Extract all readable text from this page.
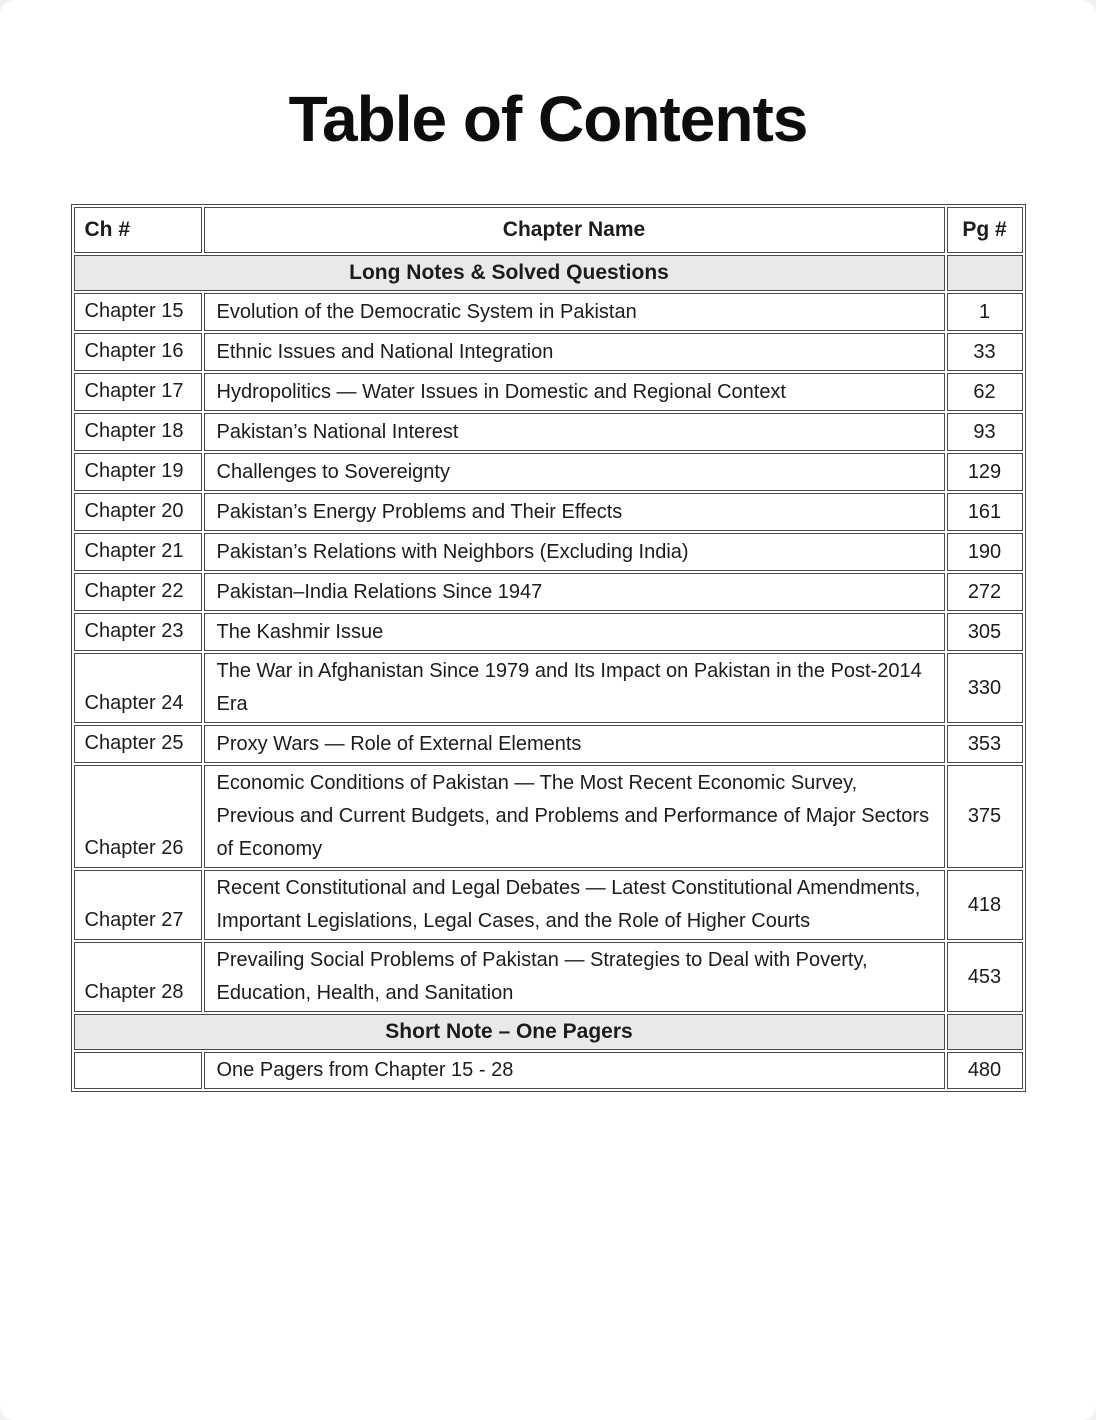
Table of Contents
Ch #	Chapter Name	Pg #
Long Notes & Solved Questions		
Chapter 15	Evolution of the Democratic System in Pakistan	1
Chapter 16	Ethnic Issues and National Integration	33
Chapter 17	Hydropolitics — Water Issues in Domestic and Regional Context	62
Chapter 18	Pakistan’s National Interest	93
Chapter 19	Challenges to Sovereignty	129
Chapter 20	Pakistan’s Energy Problems and Their Effects	161
Chapter 21	Pakistan’s Relations with Neighbors (Excluding India)	190
Chapter 22	Pakistan–India Relations Since 1947	272
Chapter 23	The Kashmir Issue	305
Chapter 24	The War in Afghanistan Since 1979 and Its Impact on Pakistan in the Post-2014 Era	330
Chapter 25	Proxy Wars — Role of External Elements	353
Chapter 26	Economic Conditions of Pakistan — The Most Recent Economic Survey, Previous and Current Budgets, and Problems and Performance of Major Sectors of Economy	375
Chapter 27	Recent Constitutional and Legal Debates — Latest Constitutional Amendments, Important Legislations, Legal Cases, and the Role of Higher Courts	418
Chapter 28	Prevailing Social Problems of Pakistan — Strategies to Deal with Poverty, Education, Health, and Sanitation	453
Short Note – One Pagers		
	One Pagers from Chapter 15 - 28	480
